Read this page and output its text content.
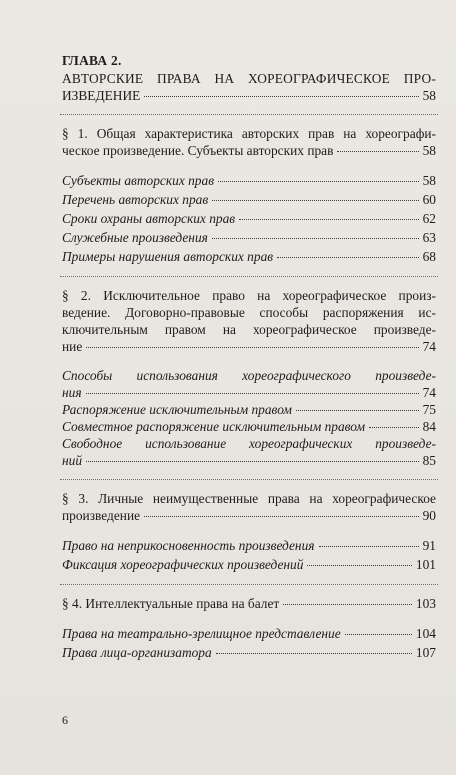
ГЛАВА 2.
АВТОРСКИЕ ПРАВА НА ХОРЕОГРАФИЧЕСКОЕ ПРО-
ИЗВЕДЕНИЕ	58
§ 1. Общая характеристика авторских прав на хореографи-
ческое произведение. Субъекты авторских прав	58
Субъекты авторских прав	58
Перечень авторских прав	60
Сроки охраны авторских прав	62
Служебные произведения	63
Примеры нарушения авторских прав	68
§ 2. Исключительное право на хореографическое произ-
ведение. Договорно-правовые способы распоряжения ис-
ключительным правом на хореографическое произведе-
ние	74
Способы использования хореографического произведе-
ния	74
Распоряжение исключительным правом	75
Совместное распоряжение исключительным правом	84
Свободное использование хореографических произведе-
ний	85
§ 3. Личные неимущественные права на хореографическое
произведение	90
Право на неприкосновенность произведения	91
Фиксация хореографических произведений	101
§ 4. Интеллектуальные права на балет	103
Права на театрально-зрелищное представление	104
Права лица-организатора	107
6
